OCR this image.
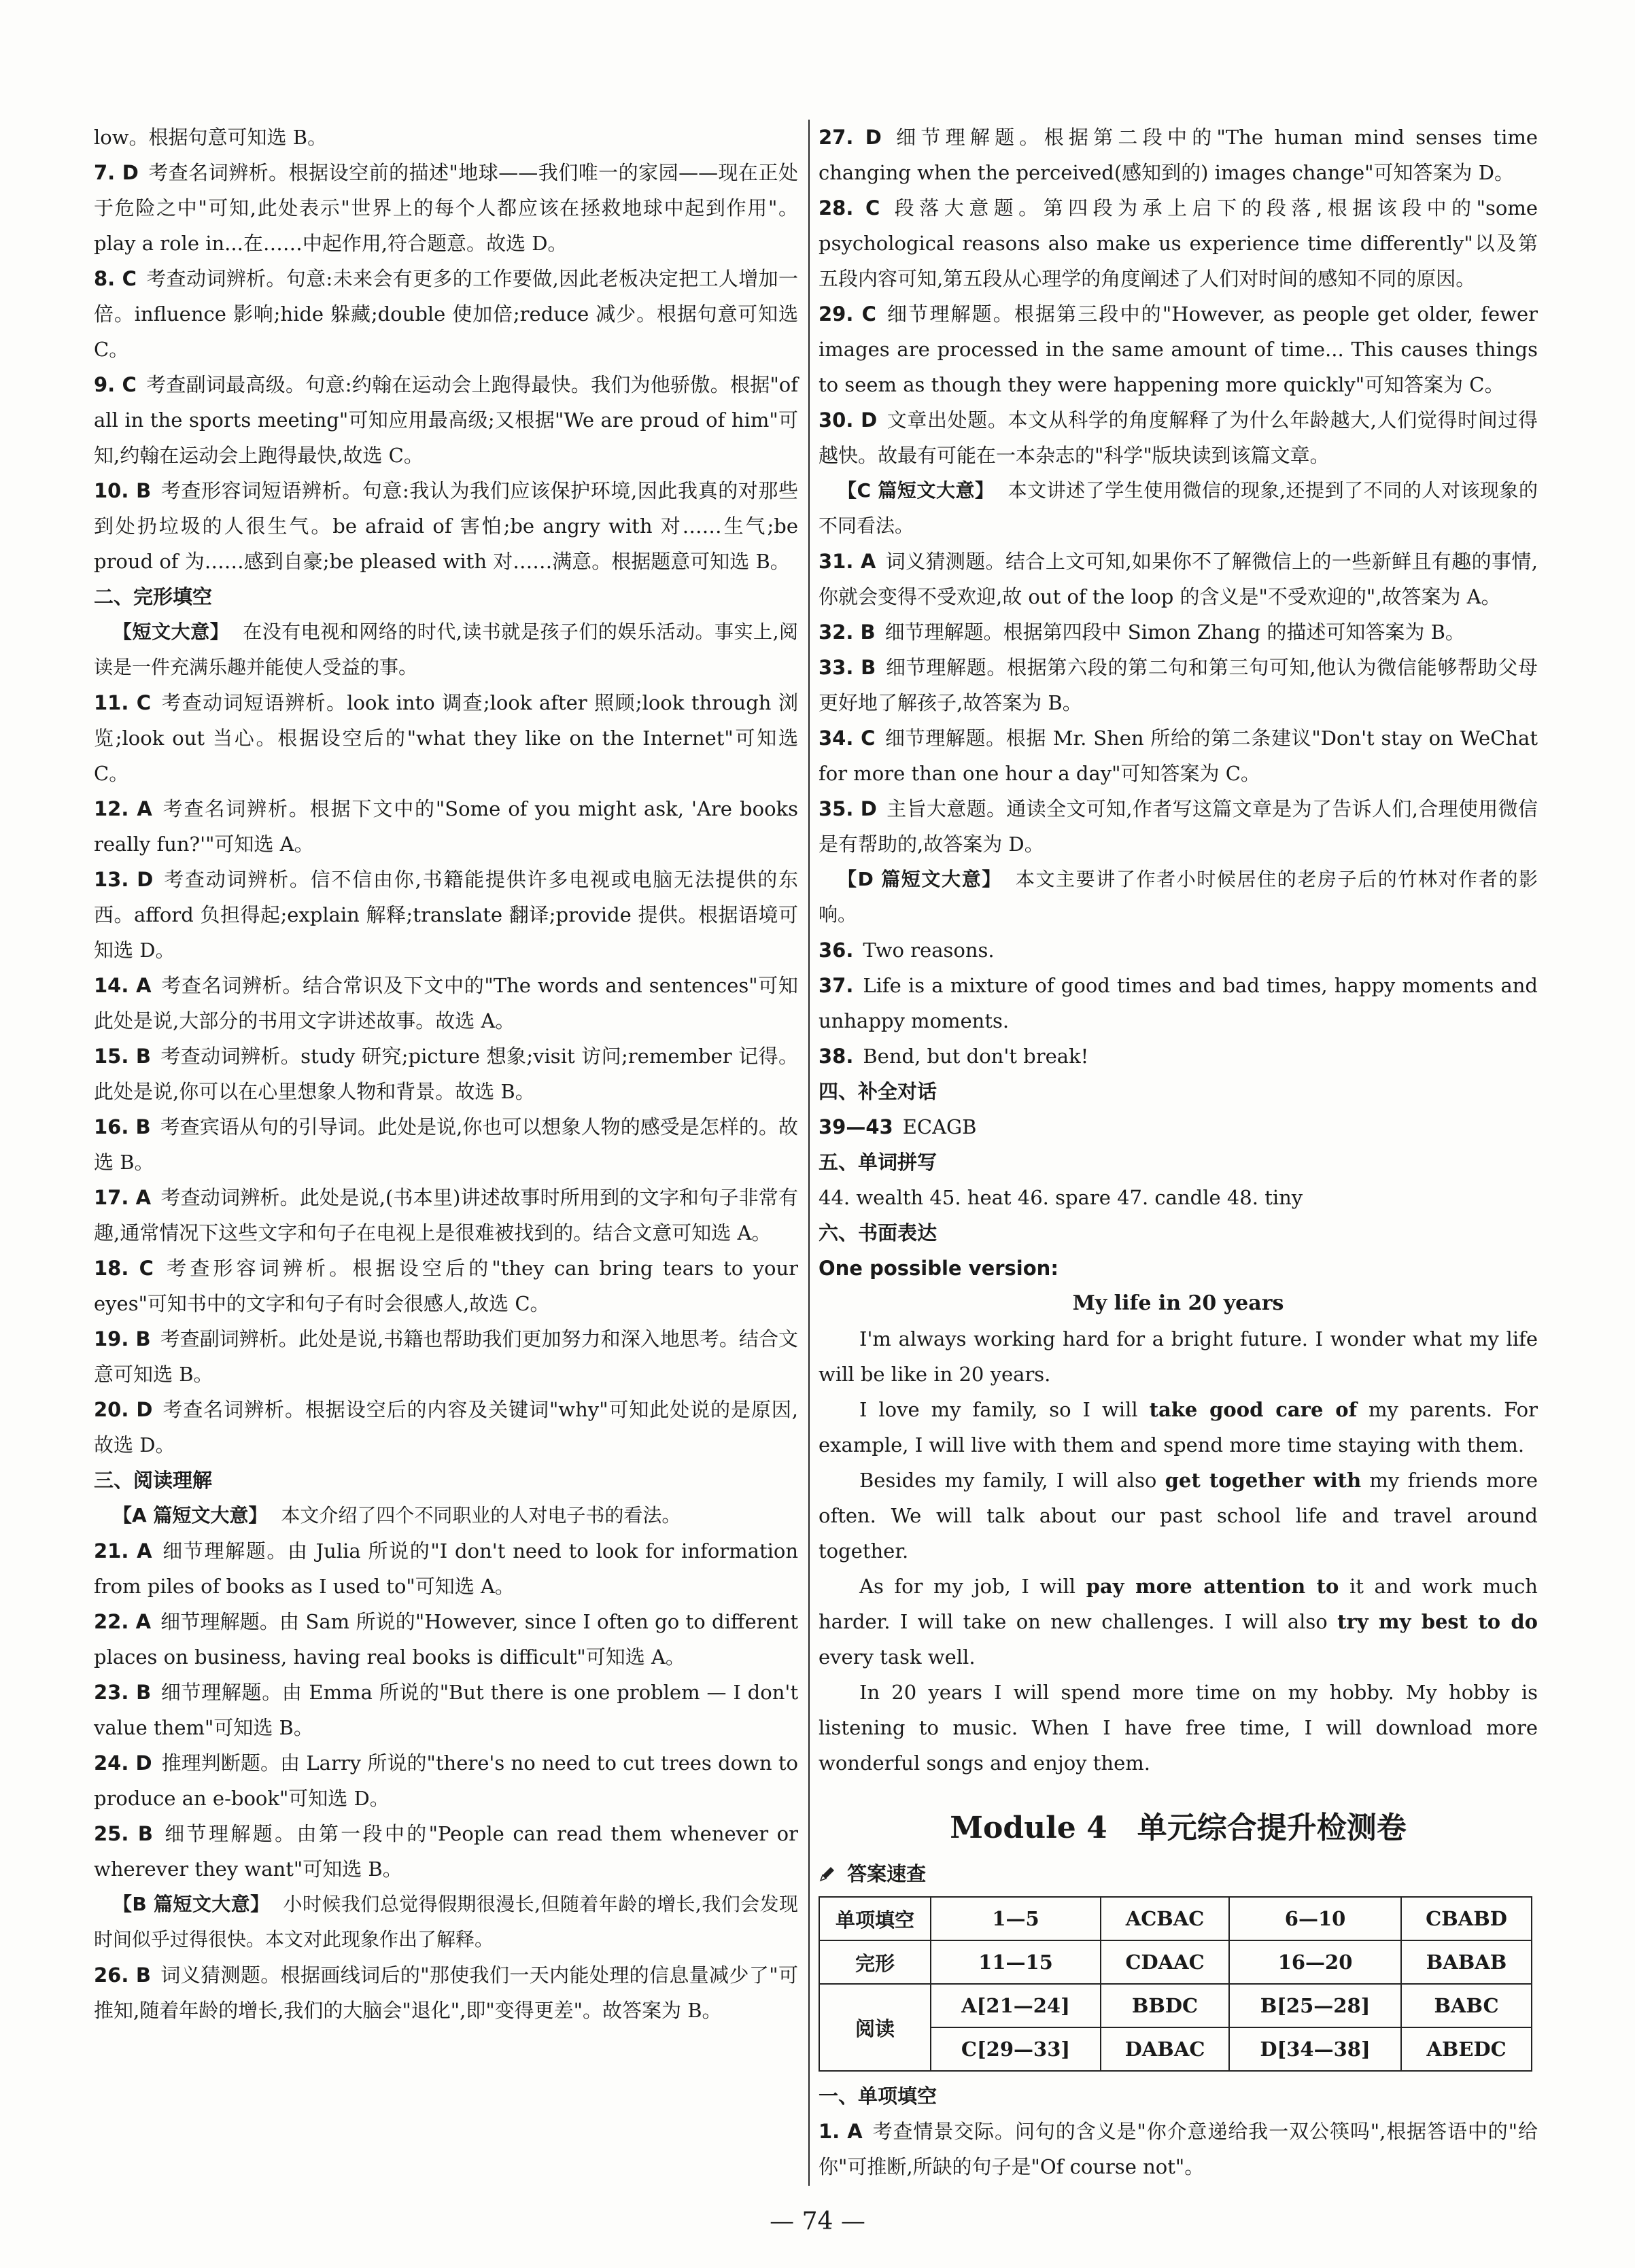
low。根据句意可知选 B。

7. D 考查名词辨析。根据设空前的描述"地球——我们唯一的家园——现在正处于危险之中"可知,此处表示"世界上的每个人都应该在拯救地球中起到作用"。play a role in...在……中起作用,符合题意。故选 D。

8. C 考查动词辨析。句意:未来会有更多的工作要做,因此老板决定把工人增加一倍。influence 影响;hide 躲藏;double 使加倍;reduce 减少。根据句意可知选 C。

9. C 考查副词最高级。句意:约翰在运动会上跑得最快。我们为他骄傲。根据"of all in the sports meeting"可知应用最高级;又根据"We are proud of him"可知,约翰在运动会上跑得最快,故选 C。

10. B 考查形容词短语辨析。句意:我认为我们应该保护环境,因此我真的对那些到处扔垃圾的人很生气。be afraid of 害怕;be angry with 对……生气;be proud of 为……感到自豪;be pleased with 对……满意。根据题意可知选 B。

二、完形填空

【短文大意】 在没有电视和网络的时代,读书就是孩子们的娱乐活动。事实上,阅读是一件充满乐趣并能使人受益的事。

11. C 考查动词短语辨析。look into 调查;look after 照顾;look through 浏览;look out 当心。根据设空后的"what they like on the Internet"可知选 C。

12. A 考查名词辨析。根据下文中的"Some of you might ask, 'Are books really fun?'"可知选 A。

13. D 考查动词辨析。信不信由你,书籍能提供许多电视或电脑无法提供的东西。afford 负担得起;explain 解释;translate 翻译;provide 提供。根据语境可知选 D。

14. A 考查名词辨析。结合常识及下文中的"The words and sentences"可知此处是说,大部分的书用文字讲述故事。故选 A。

15. B 考查动词辨析。study 研究;picture 想象;visit 访问;remember 记得。此处是说,你可以在心里想象人物和背景。故选 B。

16. B 考查宾语从句的引导词。此处是说,你也可以想象人物的感受是怎样的。故选 B。

17. A 考查动词辨析。此处是说,(书本里)讲述故事时所用到的文字和句子非常有趣,通常情况下这些文字和句子在电视上是很难被找到的。结合文意可知选 A。

18. C 考查形容词辨析。根据设空后的"they can bring tears to your eyes"可知书中的文字和句子有时会很感人,故选 C。

19. B 考查副词辨析。此处是说,书籍也帮助我们更加努力和深入地思考。结合文意可知选 B。

20. D 考查名词辨析。根据设空后的内容及关键词"why"可知此处说的是原因,故选 D。

三、阅读理解

【A 篇短文大意】 本文介绍了四个不同职业的人对电子书的看法。

21. A 细节理解题。由 Julia 所说的"I don't need to look for information from piles of books as I used to"可知选 A。

22. A 细节理解题。由 Sam 所说的"However, since I often go to different places on business, having real books is difficult"可知选 A。

23. B 细节理解题。由 Emma 所说的"But there is one problem — I don't value them"可知选 B。

24. D 推理判断题。由 Larry 所说的"there's no need to cut trees down to produce an e-book"可知选 D。

25. B 细节理解题。由第一段中的"People can read them whenever or wherever they want"可知选 B。

【B 篇短文大意】 小时候我们总觉得假期很漫长,但随着年龄的增长,我们会发现时间似乎过得很快。本文对此现象作出了解释。

26. B 词义猜测题。根据画线词后的"那使我们一天内能处理的信息量减少了"可推知,随着年龄的增长,我们的大脑会"退化",即"变得更差"。故答案为 B。

27. D 细节理解题。根据第二段中的"The human mind senses time changing when the perceived(感知到的) images change"可知答案为 D。

28. C 段落大意题。第四段为承上启下的段落,根据该段中的"some psychological reasons also make us experience time differently"以及第五段内容可知,第五段从心理学的角度阐述了人们对时间的感知不同的原因。

29. C 细节理解题。根据第三段中的"However, as people get older, fewer images are processed in the same amount of time... This causes things to seem as though they were happening more quickly"可知答案为 C。

30. D 文章出处题。本文从科学的角度解释了为什么年龄越大,人们觉得时间过得越快。故最有可能在一本杂志的"科学"版块读到该篇文章。

【C 篇短文大意】 本文讲述了学生使用微信的现象,还提到了不同的人对该现象的不同看法。

31. A 词义猜测题。结合上文可知,如果你不了解微信上的一些新鲜且有趣的事情,你就会变得不受欢迎,故 out of the loop 的含义是"不受欢迎的",故答案为 A。

32. B 细节理解题。根据第四段中 Simon Zhang 的描述可知答案为 B。

33. B 细节理解题。根据第六段的第二句和第三句可知,他认为微信能够帮助父母更好地了解孩子,故答案为 B。

34. C 细节理解题。根据 Mr. Shen 所给的第二条建议"Don't stay on WeChat for more than one hour a day"可知答案为 C。

35. D 主旨大意题。通读全文可知,作者写这篇文章是为了告诉人们,合理使用微信是有帮助的,故答案为 D。

【D 篇短文大意】 本文主要讲了作者小时候居住的老房子后的竹林对作者的影响。

36. Two reasons.

37. Life is a mixture of good times and bad times, happy moments and unhappy moments.

38. Bend, but don't break!

四、补全对话

39—43 ECAGB

五、单词拼写

44. wealth 45. heat 46. spare 47. candle 48. tiny

六、书面表达

One possible version:

My life in 20 years

I'm always working hard for a bright future. I wonder what my life will be like in 20 years.

I love my family, so I will take good care of my parents. For example, I will live with them and spend more time staying with them.

Besides my family, I will also get together with my friends more often. We will talk about our past school life and travel around together.

As for my job, I will pay more attention to it and work much harder. I will take on new challenges. I will also try my best to do every task well.

In 20 years I will spend more time on my hobby. My hobby is listening to music. When I have free time, I will download more wonderful songs and enjoy them.

Module 4　单元综合提升检测卷
答案速查
单项填空	1—5	ACBAC	6—10	CBABD
完形	11—15	CDAAC	16—20	BABAB
阅读	A[21—24]	BBDC	B[25—28]	BABC
	C[29—33]	DABAC	D[34—38]	ABEDC

一、单项填空

1. A 考查情景交际。问句的含义是"你介意递给我一双公筷吗",根据答语中的"给你"可推断,所缺的句子是"Of course not"。

— 74 —
